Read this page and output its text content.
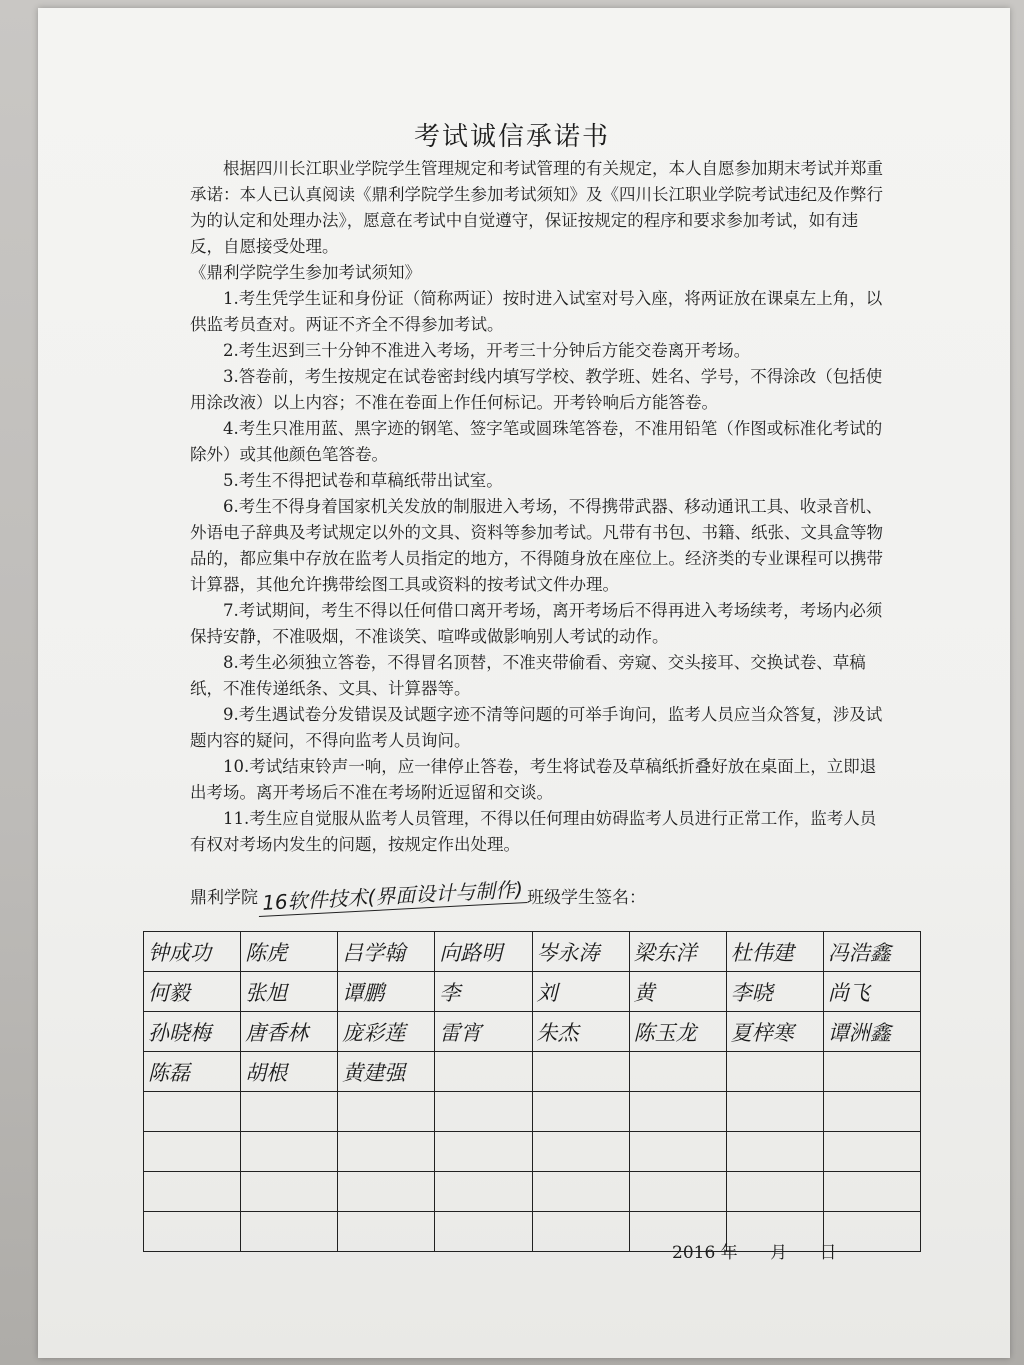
考试诚信承诺书

根据四川长江职业学院学生管理规定和考试管理的有关规定，本人自愿参加期末考试并郑重承诺：本人已认真阅读《鼎利学院学生参加考试须知》及《四川长江职业学院考试违纪及作弊行为的认定和处理办法》，愿意在考试中自觉遵守，保证按规定的程序和要求参加考试，如有违反，自愿接受处理。

《鼎利学院学生参加考试须知》

1.考生凭学生证和身份证（简称两证）按时进入试室对号入座，将两证放在课桌左上角，以供监考员查对。两证不齐全不得参加考试。

2.考生迟到三十分钟不准进入考场，开考三十分钟后方能交卷离开考场。

3.答卷前，考生按规定在试卷密封线内填写学校、教学班、姓名、学号，不得涂改（包括使用涂改液）以上内容；不准在卷面上作任何标记。开考铃响后方能答卷。

4.考生只准用蓝、黑字迹的钢笔、签字笔或圆珠笔答卷，不准用铅笔（作图或标准化考试的除外）或其他颜色笔答卷。

5.考生不得把试卷和草稿纸带出试室。

6.考生不得身着国家机关发放的制服进入考场，不得携带武器、移动通讯工具、收录音机、外语电子辞典及考试规定以外的文具、资料等参加考试。凡带有书包、书籍、纸张、文具盒等物品的，都应集中存放在监考人员指定的地方，不得随身放在座位上。经济类的专业课程可以携带计算器，其他允许携带绘图工具或资料的按考试文件办理。

7.考试期间，考生不得以任何借口离开考场，离开考场后不得再进入考场续考，考场内必须保持安静，不准吸烟，不准谈笑、喧哗或做影响别人考试的动作。

8.考生必须独立答卷，不得冒名顶替，不准夹带偷看、旁窥、交头接耳、交换试卷、草稿纸，不准传递纸条、文具、计算器等。

9.考生遇试卷分发错误及试题字迹不清等问题的可举手询问，监考人员应当众答复，涉及试题内容的疑问，不得向监考人员询问。

10.考试结束铃声一响，应一律停止答卷，考生将试卷及草稿纸折叠好放在桌面上，立即退出考场。离开考场后不准在考场附近逗留和交谈。

11.考生应自觉服从监考人员管理，不得以任何理由妨碍监考人员进行正常工作，监考人员有权对考场内发生的问题，按规定作出处理。

鼎利学院 16软件技术(界面设计与制作) 班级学生签名：
钟成功	陈虎	吕学翰	向路明	岑永涛	梁东洋	杜伟建	冯浩鑫
何毅	张旭	谭鹏	李	刘	黄	李晓	尚飞
孙晓梅	唐香林	庞彩莲	雷宵	朱杰	陈玉龙	夏梓寒	谭洲鑫
陈磊	胡根	黄建强					

2016 年      月      日
